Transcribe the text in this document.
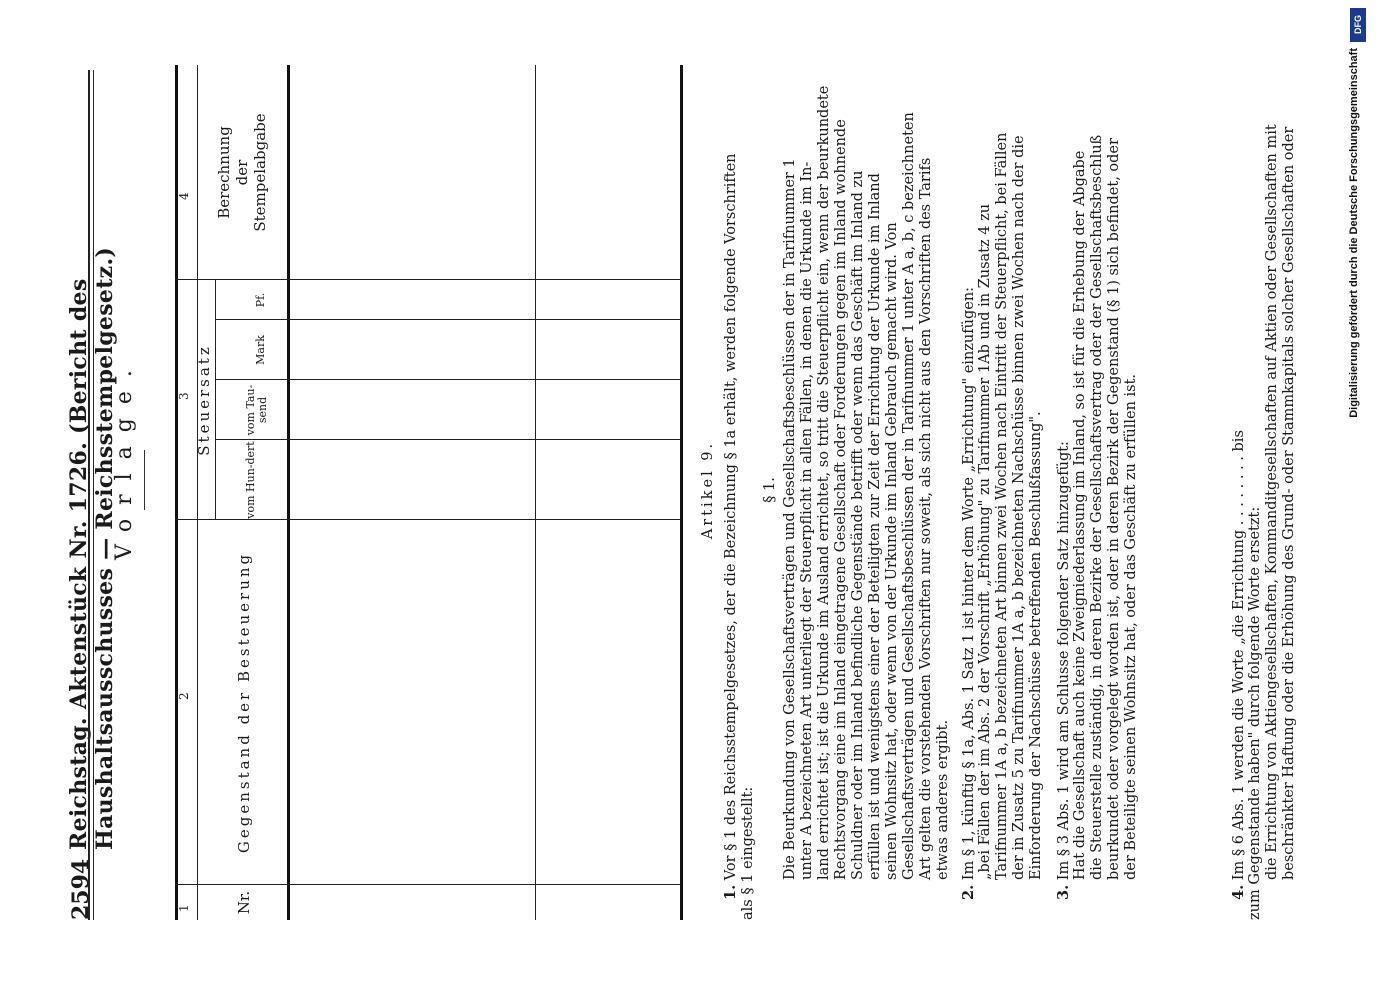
2594
Reichstag. Aktenstück Nr. 1726. (Bericht des Haushaltsausschusses — Reichsstempelgesetz.)
Vorlage.
1
2
3
4
Nr.
Gegenstand der Besteuerung
Steuersatz
vom Hun-dert
vom Tau-send
Mark
Pf.
Berechnung der Stempelabgabe
Artikel 9.
1. Vor § 1 des Reichsstempelgesetzes, der die Bezeichnung § 1a erhält, werden folgende Vorschriften als § 1 eingestellt:
§ 1. Die Beurkundung von Gesellschaftsverträgen und Gesellschaftsbeschlüssen der in Tarifnummer 1 unter A bezeichneten Art unterliegt der Steuerpflicht in allen Fällen, in denen die Urkunde im In- land errichtet ist; ist die Urkunde im Ausland errichtet, so tritt die Steuerpflicht ein, wenn der beurkundete Rechtsvorgang eine im Inland eingetragene Gesellschaft oder Forderungen gegen im Inland wohnende Schuldner oder im Inland befindliche Gegenstände betrifft oder wenn das Geschäft im Inland zu erfüllen ist und wenigstens einer der Beteiligten zur Zeit der Errichtung der Urkunde im Inland seinen Wohnsitz hat, oder wenn von der Urkunde im Inland Gebrauch gemacht wird. Von Gesellschaftsverträgen und Gesellschaftsbeschlüssen der in Tarifnummer 1 unter A a, b, c bezeichneten Art gelten die vorstehenden Vorschriften nur soweit, als sich nicht aus den Vorschriften des Tarifs etwas anderes ergibt.
2. Im § 1, künftig § 1a, Abs. 1 Satz 1 ist hinter dem Worte „Errichtung" einzufügen: „bei Fällen der im Abs. 2 der Vorschrift „Erhöhung" zu Tarifnummer 1Ab und in Zusatz 4 zu Tarifnummer 1A a, b bezeichneten Art binnen zwei Wochen nach Eintritt der Steuerpflicht, bei Fällen der in Zusatz 5 zu Tarifnummer 1A a, b bezeichneten Nachschüsse binnen zwei Wochen nach der die Einforderung der Nachschüsse betreffenden Beschlußfassung".
3. Im § 3 Abs. 1 wird am Schlusse folgender Satz hinzugefügt: Hat die Gesellschaft auch keine Zweigniederlassung im Inland, so ist für die Erhebung der Abgabe die Steuerstelle zuständig, in deren Bezirke der Gesellschaftsvertrag oder der Gesellschaftsbeschluß beurkundet oder vorgelegt worden ist, oder in deren Bezirk der Gegenstand (§ 1) sich befindet, oder der Beteiligte seinen Wohnsitz hat, oder das Geschäft zu erfüllen ist.
4. Im § 6 Abs. 1 werden die Worte „die Errichtung . . . . . . . . bis zum Gegenstande haben" durch folgende Worte ersetzt: die Errichtung von Aktiengesellschaften, Kommanditgesellschaften auf Aktien oder Gesellschaften mit beschränkter Haftung oder die Erhöhung des Grund- oder Stammkapitals solcher Gesellschaften oder
DFG
Digitalisierung gefördert durch die Deutsche Forschungsgemeinschaft
